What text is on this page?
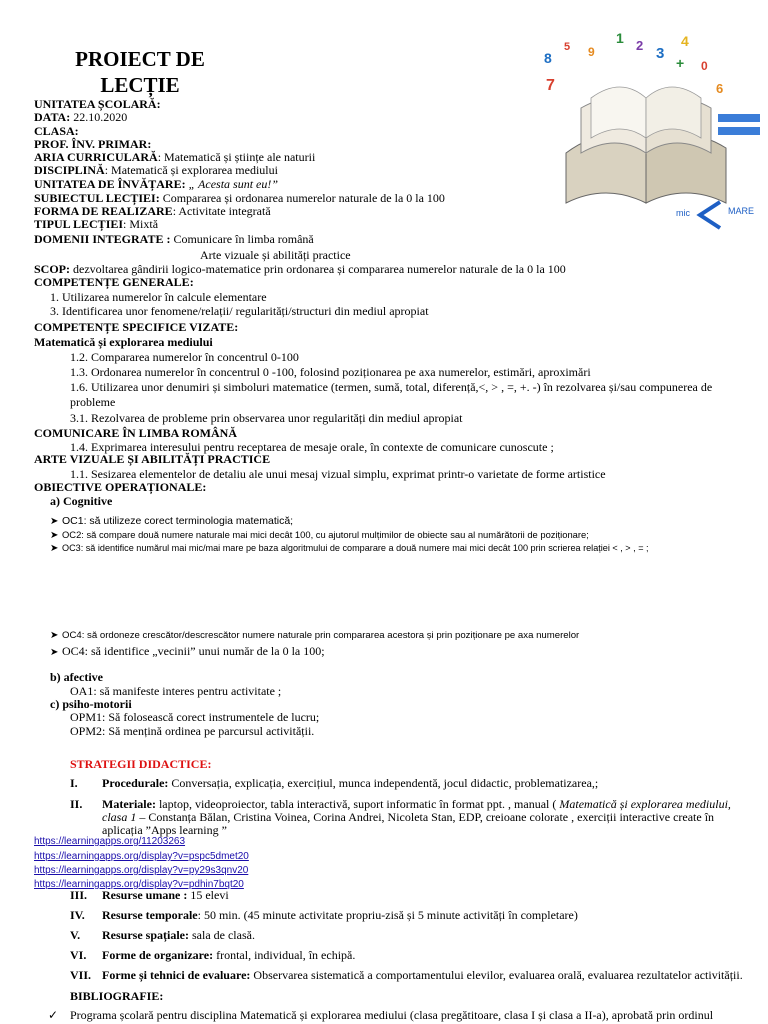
PROIECT DE LECȚIE
UNITATEA ȘCOLARĂ:
DATA: 22.10.2020
CLASA:
PROF. ÎNV. PRIMAR:
ARIA CURRICULARĂ: Matematică și științe ale naturii
DISCIPLINĂ: Matematică și explorarea mediului
UNITATEA DE ÎNVĂȚARE: „ Acesta sunt eu!”
SUBIECTUL LECȚIEI: Compararea și ordonarea numerelor naturale de la 0 la 100
FORMA DE REALIZARE: Activitate integrată
TIPUL LECȚIEI: Mixtă
DOMENII INTEGRATE : Comunicare în limba română
Arte vizuale și abilități practice
SCOP: dezvoltarea gândirii logico-matematice prin ordonarea și compararea numerelor naturale de la 0 la 100
COMPETENȚE GENERALE:
1. Utilizarea numerelor în calcule elementare
3. Identificarea unor fenomene/relații/ regularități/structuri din mediul apropiat
COMPETENȚE SPECIFICE VIZATE:
Matematică și explorarea mediului
1.2. Compararea numerelor în concentrul 0-100
1.3. Ordonarea numerelor în concentrul 0 -100, folosind poziționarea pe axa numerelor, estimări, aproximări
1.6. Utilizarea unor denumiri și simboluri matematice (termen, sumă, total, diferență,<, > , =, +. -) în rezolvarea și/sau compunerea de
probleme
3.1. Rezolvarea de probleme prin observarea unor regularități din mediul apropiat
COMUNICARE ÎN LIMBA ROMÂNĂ
1.4. Exprimarea interesului pentru receptarea de mesaje orale, în contexte de comunicare cunoscute ;
ARTE VIZUALE ȘI ABILITĂȚI PRACTICE
1.1. Sesizarea elementelor de detaliu ale unui mesaj vizual simplu, exprimat printr-o varietate de forme artistice
OBIECTIVE OPERAȚIONALE:
a) Cognitive
➤ OC1: să utilizeze corect terminologia matematică;
➤ OC2: să compare două numere naturale mai mici decât 100, cu ajutorul mulțimilor de obiecte sau al numărătorii de poziționare;
➤ OC3: să identifice numărul mai mic/mai mare pe baza algoritmului de comparare a două numere mai mici decât 100 prin scrierea relației < , > , = ;
➤ OC4: să ordoneze crescător/descrescător numere naturale prin compararea acestora și prin poziționare pe axa numerelor
➤ OC4: să identifice „vecinii” unui număr de la 0 la 100;
b) afective
OA1: să manifeste interes pentru activitate ;
c) psiho-motorii
OPM1: Să folosească corect instrumentele de lucru;
OPM2: Să mențină ordinea pe parcursul activității.
STRATEGII DIDACTICE:
I. Procedurale: Conversația, explicația, exercițiul, munca independentă, jocul didactic, problematizarea,;
II. Materiale: laptop, videoproiector, tabla interactivă, suport informatic în format ppt. , manual ( Matematică și explorarea mediului,
clasa 1 – Constanța Bălan, Cristina Voinea, Corina Andrei, Nicoleta Stan, EDP, creioane colorate , exerciții interactive create în
aplicația ”Apps learning ”
https://learningapps.org/11203263
https://learningapps.org/display?v=pspc5dmet20
https://learningapps.org/display?v=py29s3qnv20
https://learningapps.org/display?v=pdhin7bqt20
III. Resurse umane : 15 elevi
IV. Resurse temporale: 50 min. (45 minute activitate propriu-zisă și 5 minute activități în completare)
V. Resurse spațiale: sala de clasă.
VI. Forme de organizare: frontal, individual, în echipă.
VII. Forme și tehnici de evaluare: Observarea sistematică a comportamentului elevilor, evaluarea orală, evaluarea rezultatelor activității.
BIBLIOGRAFIE:
✓ Programa școlară pentru disciplina Matematică și explorarea mediului (clasa pregătitoare, clasa I și clasa a II-a), aprobată prin ordinul
8
5 9
1 2 3
4
0
6
7
+
mic	MARE
